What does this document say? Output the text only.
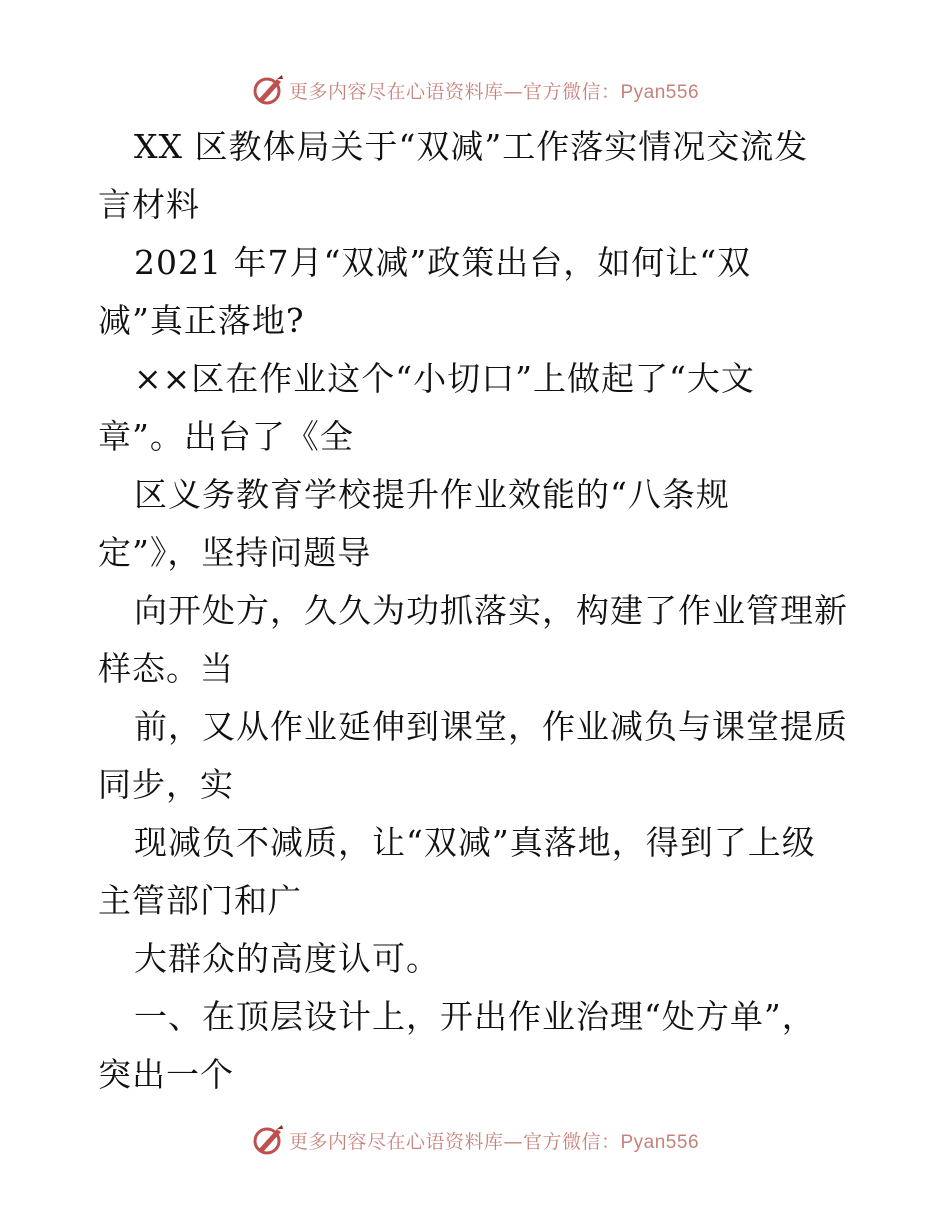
更多内容尽在心语资料库—官方微信：Pyan556
XX 区教体局关于“双减”工作落实情况交流发
言材料
2021 年7月“双减”政策出台，如何让“双
减”真正落地?
××区在作业这个“小切口”上做起了“大文
章”。出台了《全
区义务教育学校提升作业效能的“八条规
定”》，坚持问题导
向开处方，久久为功抓落实，构建了作业管理新
样态。当
前，又从作业延伸到课堂，作业减负与课堂提质
同步，实
现减负不减质，让“双减”真落地，得到了上级
主管部门和广
大群众的高度认可。
一、在顶层设计上，开出作业治理“处方单”，
突出一个
更多内容尽在心语资料库—官方微信：Pyan556
